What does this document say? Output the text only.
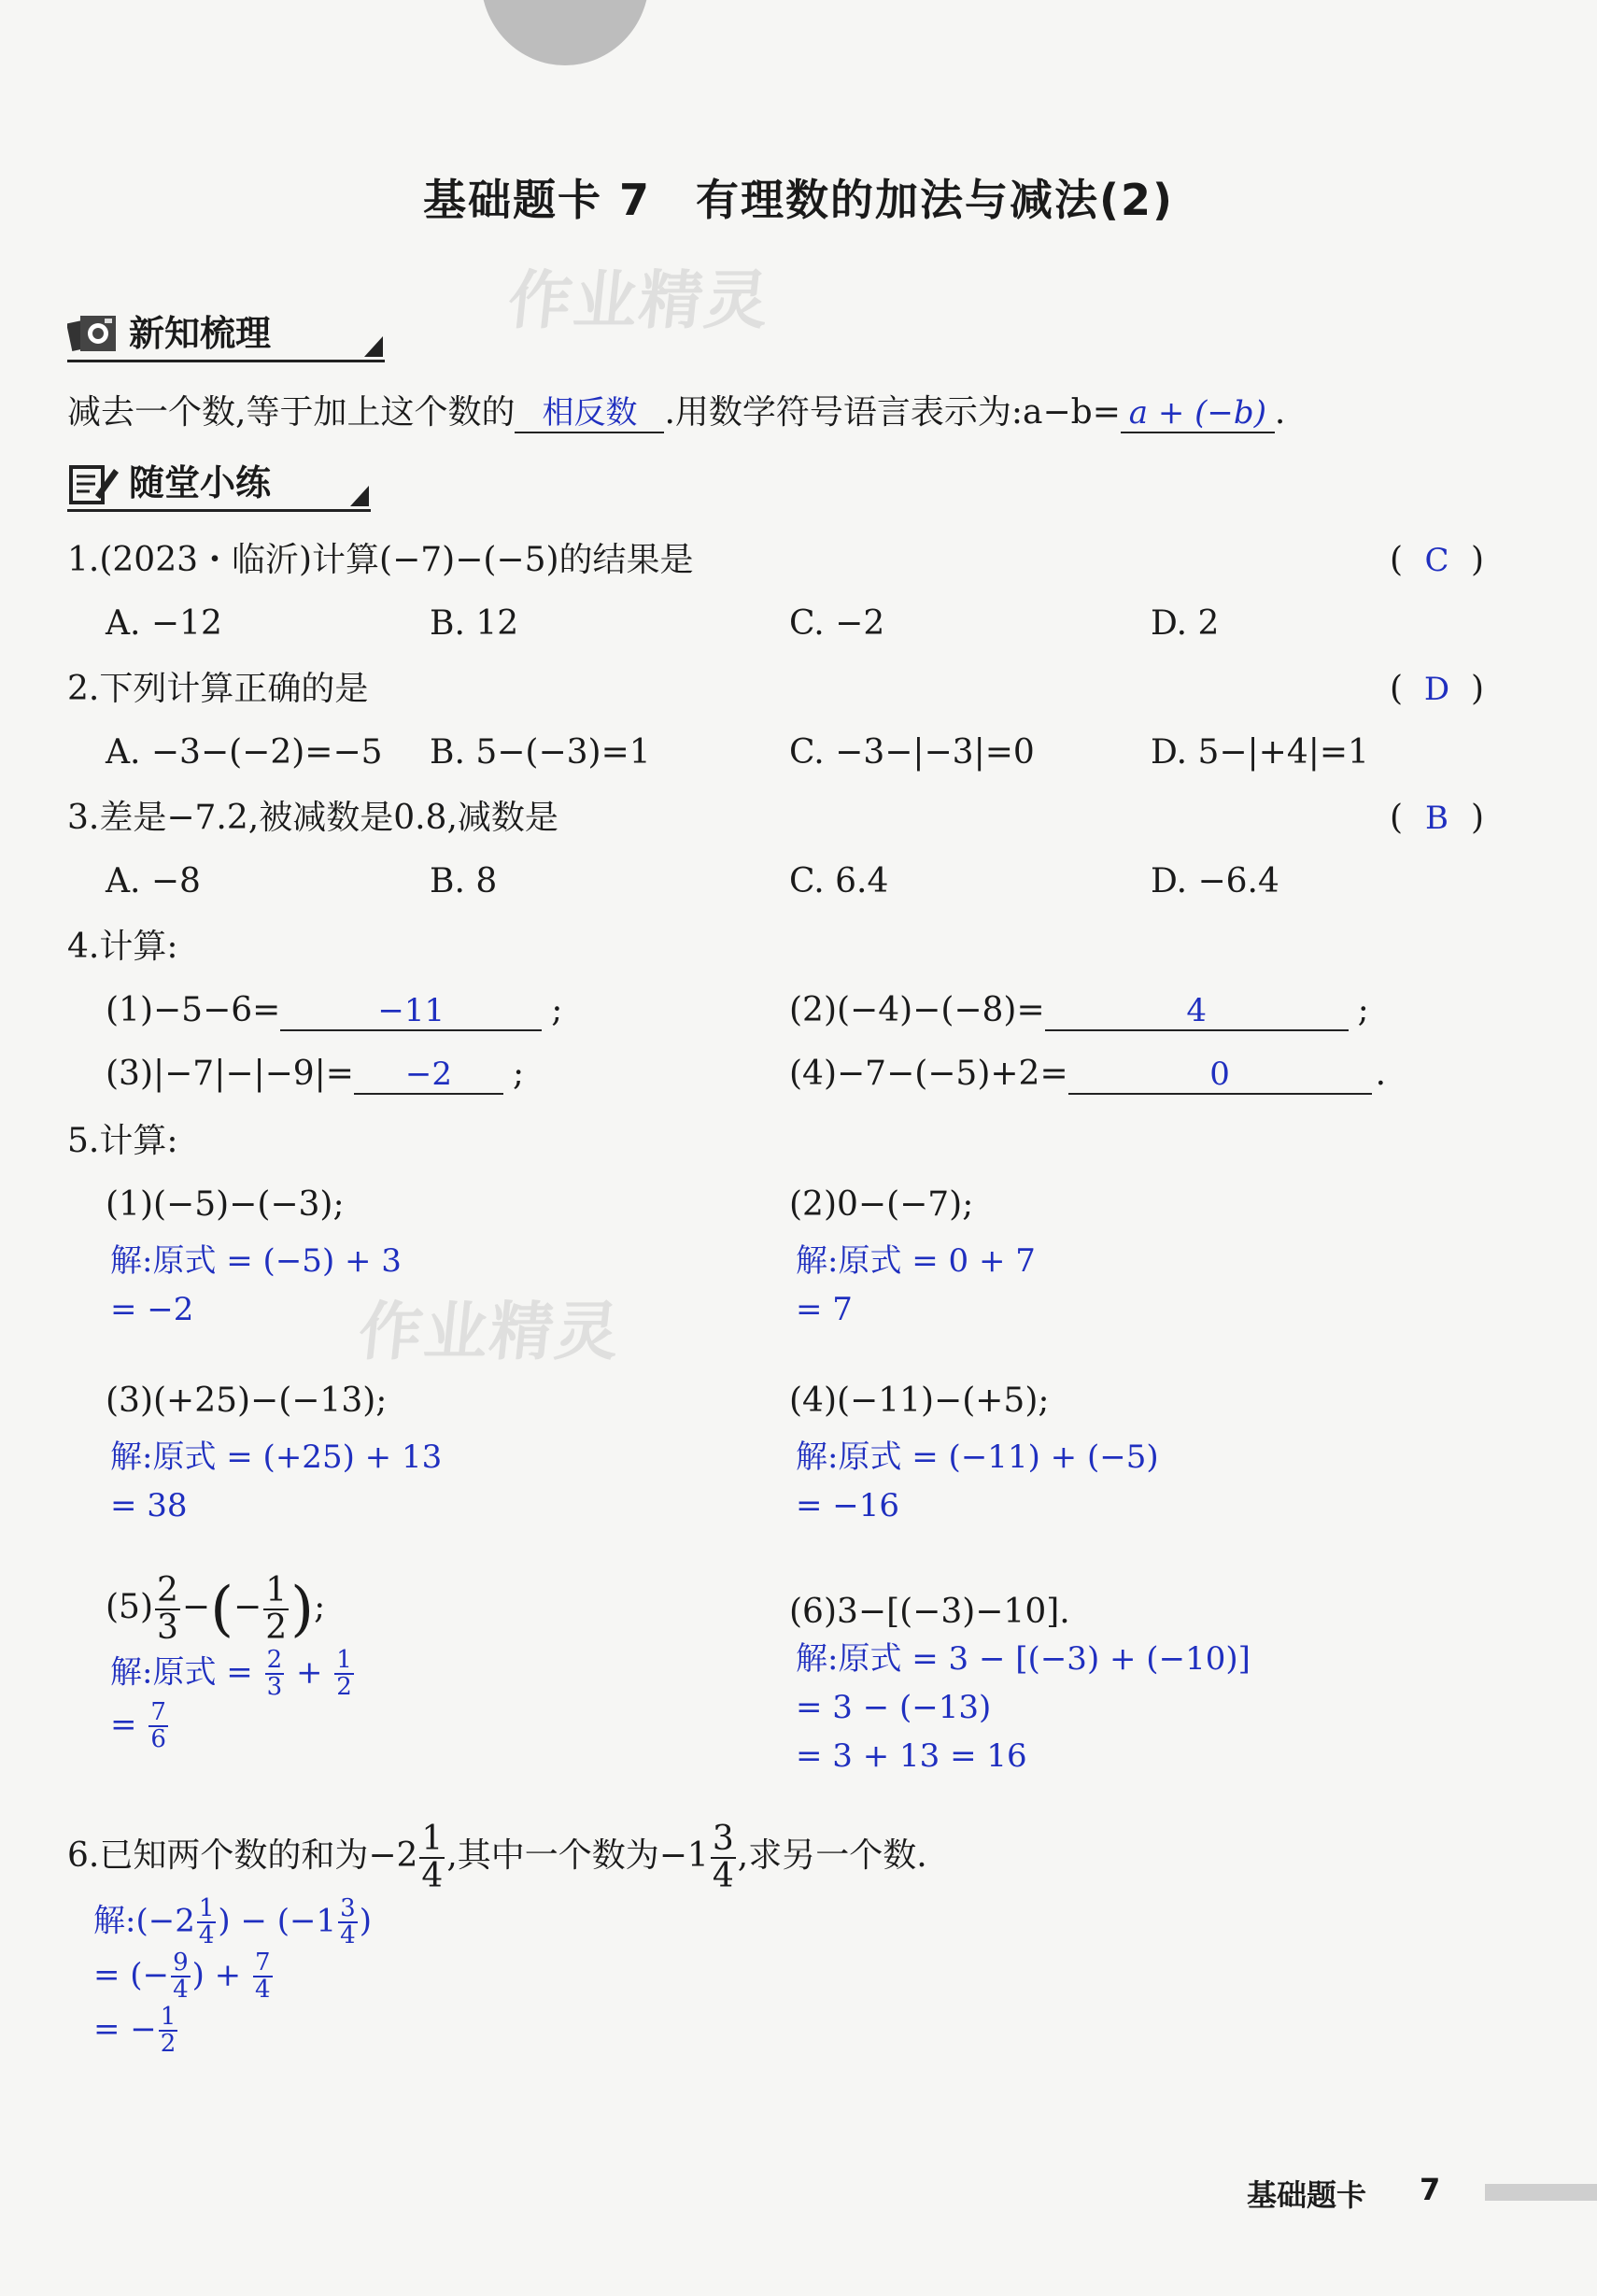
基础题卡 7　有理数的加法与减法(2)
作业精灵
作业精灵
新知梳理
减去一个数,等于加上这个数的 相反数 .用数学符号语言表示为:a−b= a + (−b) .
随堂小练
1.(2023・临沂)计算(−7)−(−5)的结果是	( C )
A. −12	B. 12	C. −2	D. 2
2.下列计算正确的是	( D )
A. −3−(−2)=−5 B. 5−(−3)=1	C. −3−|−3|=0	D. 5−|+4|=1
3.差是−7.2,被减数是0.8,减数是	( B )
A. −8	B. 8	C. 6.4	D. −6.4
4.计算:
(1)−5−6=	−11	;	(2)(−4)−(−8)=	4	;
(3)|−7|−|−9|= −2 ;	(4)−7−(−5)+2=	0	.
5.计算:
(1)(−5)−(−3);
解:原式 = (−5) + 3
= −2
(2)0−(−7);
解:原式 = 0 + 7
= 7
(3)(+25)−(−13);
解:原式 = (+25) + 13
= 38
(4)(−11)−(+5);
解:原式 = (−11) + (−5)
= −16
$(5) \frac{2}{3}$ −(− $\frac{1}{2}$ );
解:原式 = $\frac{2}{3} + \frac{1}{2}$
= $\frac{7}{6}$
(6)3−[(−3)−10].
解:原式 = 3 − [(−3) + (−10)]
= 3 − (−13)
= 3 + 13 = 16
6.已知两个数的和为$-2 \frac{1}{4}$ ,其中一个数为$-1 \frac{3}{4}$ ,求另一个数.
解:(−2 $\frac{1}{4}$ ) − ($-1 \frac{3}{4}$ )
= (− $\frac{9}{4}$ ) + $\frac{7}{4}$
= − $\frac{1}{2}$
基础题卡 7
